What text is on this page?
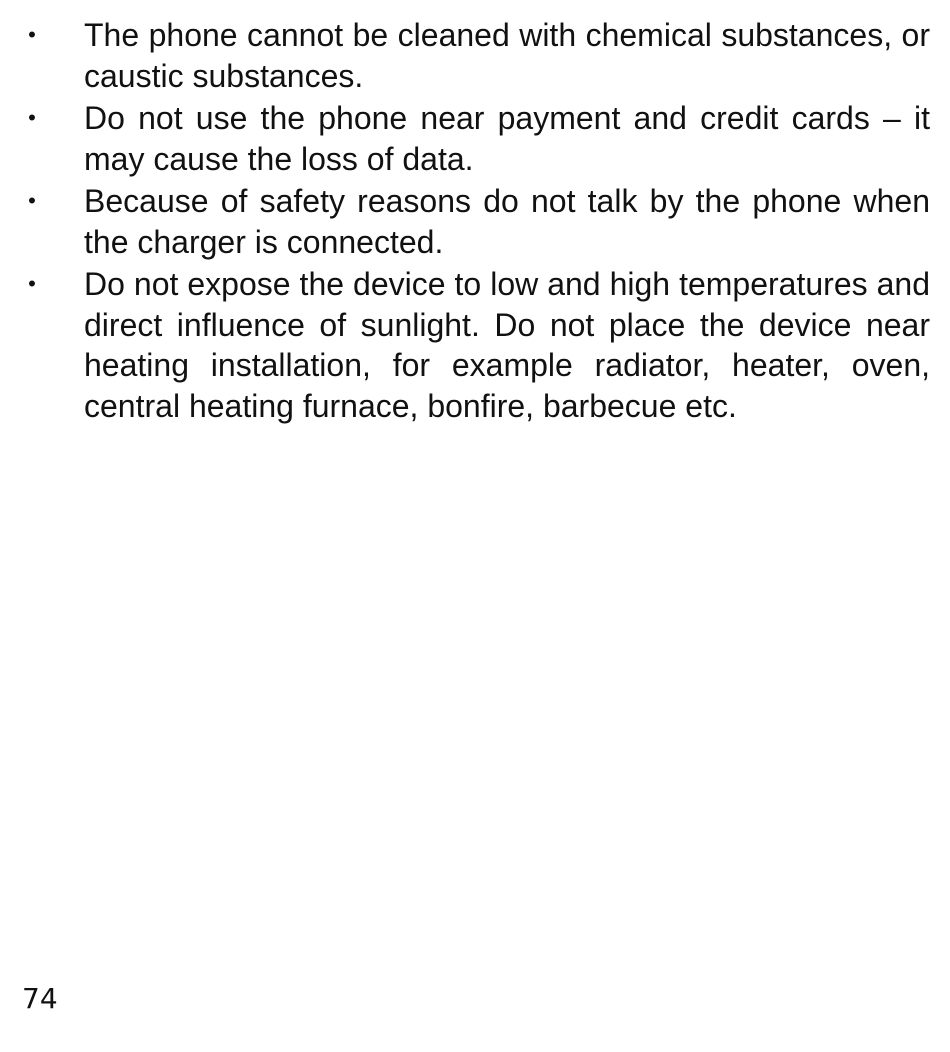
• The phone cannot be cleaned with chemical substances, or caustic substances.
• Do not use the phone near payment and credit cards – it may cause the loss of data.
• Because of safety reasons do not talk by the phone when the charger is connected.
• Do not expose the device to low and high temperatures and direct influence of sunlight. Do not place the device near heating installation, for example radiator, heater, oven, central heating furnace, bonfire, barbecue etc.
74
